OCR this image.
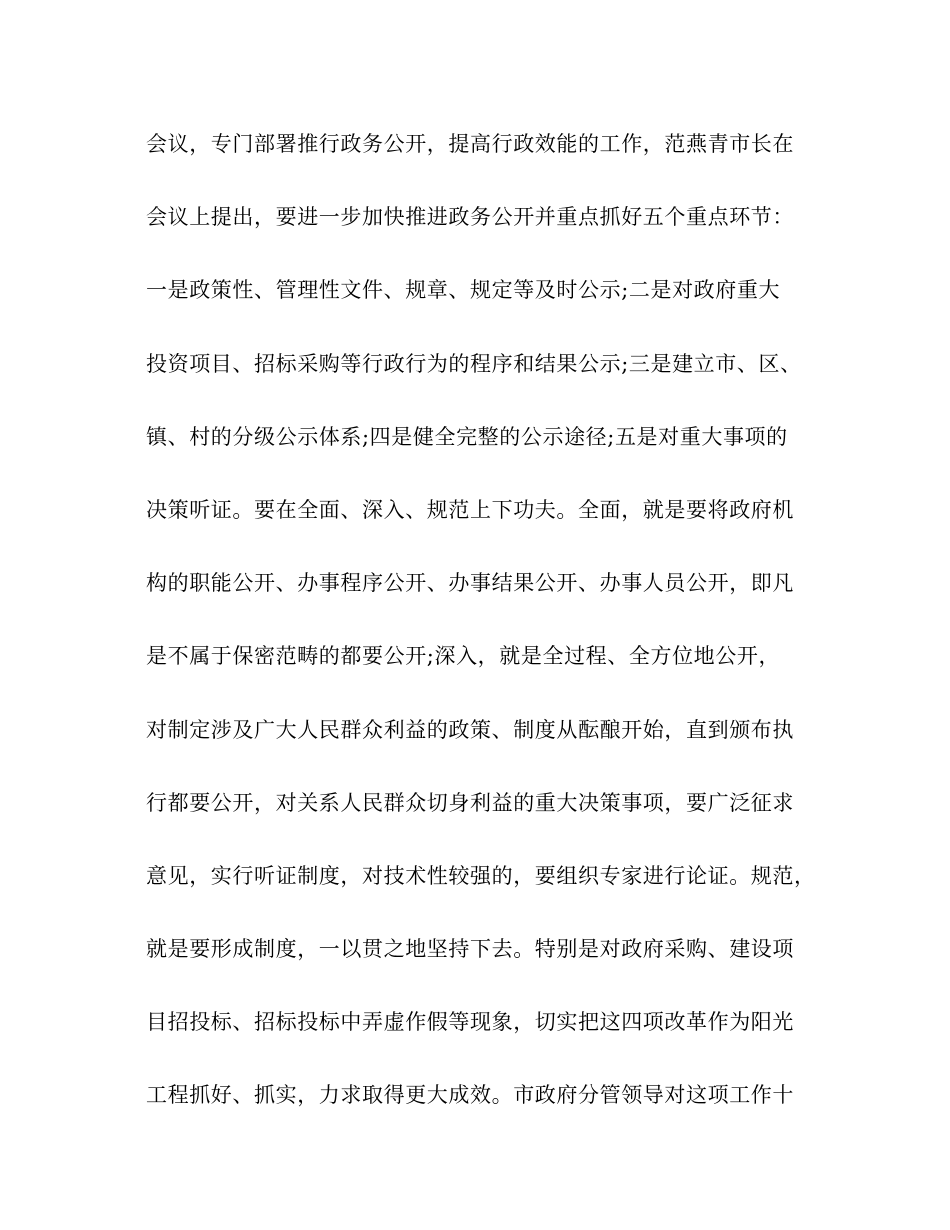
会议，专门部署推行政务公开，提高行政效能的工作，范燕青市长在
会议上提出，要进一步加快推进政务公开并重点抓好五个重点环节：
一是政策性、管理性文件、规章、规定等及时公示;二是对政府重大
投资项目、招标采购等行政行为的程序和结果公示;三是建立市、区、
镇、村的分级公示体系;四是健全完整的公示途径;五是对重大事项的
决策听证。要在全面、深入、规范上下功夫。全面，就是要将政府机
构的职能公开、办事程序公开、办事结果公开、办事人员公开，即凡
是不属于保密范畴的都要公开;深入，就是全过程、全方位地公开，
对制定涉及广大人民群众利益的政策、制度从酝酿开始，直到颁布执
行都要公开，对关系人民群众切身利益的重大决策事项，要广泛征求
意见，实行听证制度，对技术性较强的，要组织专家进行论证。规范，
就是要形成制度，一以贯之地坚持下去。特别是对政府采购、建设项
目招投标、招标投标中弄虚作假等现象，切实把这四项改革作为阳光
工程抓好、抓实，力求取得更大成效。市政府分管领导对这项工作十
